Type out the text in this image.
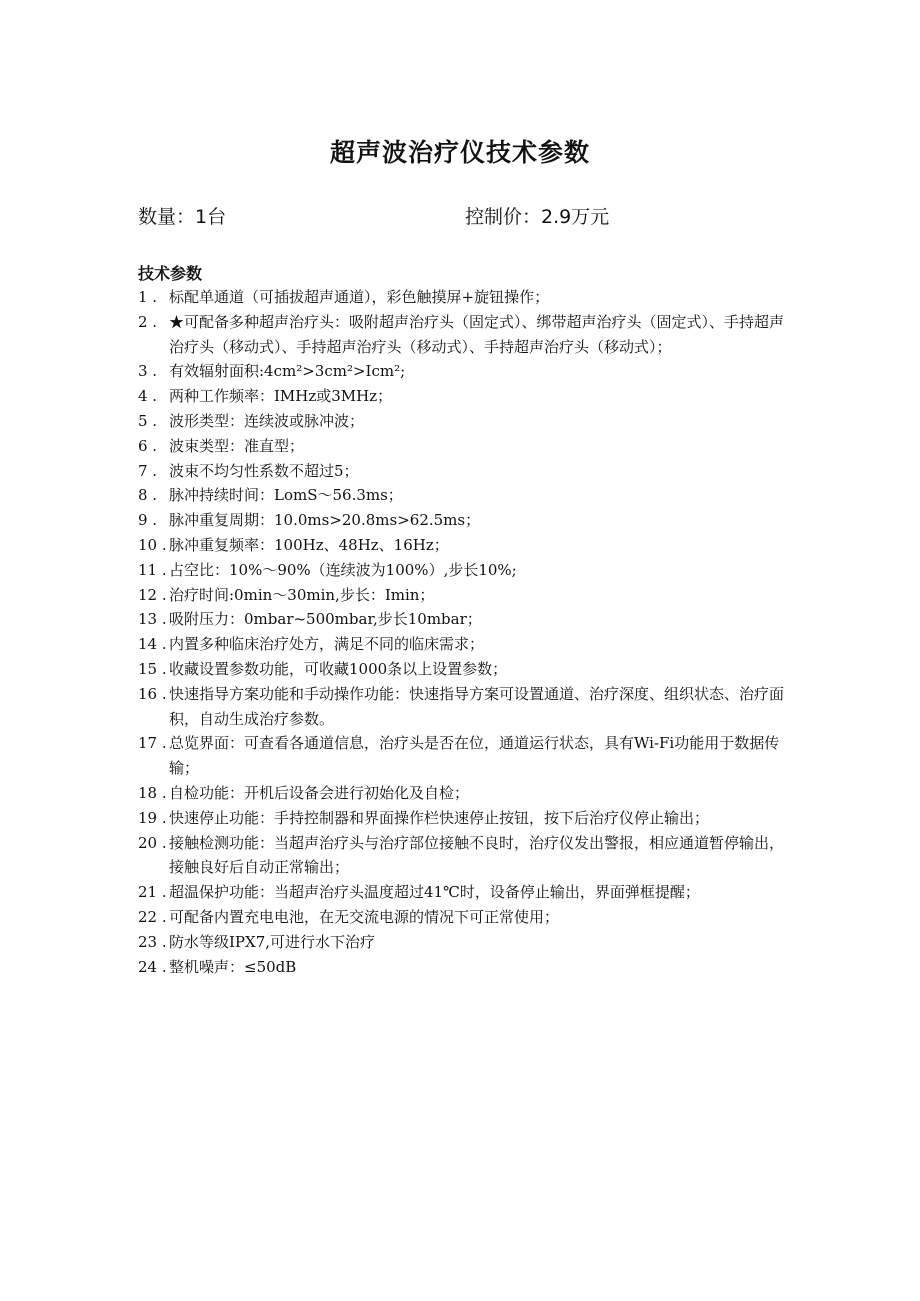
超声波治疗仪技术参数
数量：1台	控制价：2.9万元
技术参数
1 . 标配单通道（可插拔超声通道），彩色触摸屏+旋钮操作；
2 . ★可配备多种超声治疗头：吸附超声治疗头（固定式）、绑带超声治疗头（固定式）、手持超声治疗头（移动式）、手持超声治疗头（移动式）、手持超声治疗头（移动式）；
3 . 有效辐射面积:4cm²>3cm²>Icm²;
4 . 两种工作频率：IMHz或3MHz；
5 . 波形类型：连续波或脉冲波；
6 . 波束类型：准直型；
7 . 波束不均匀性系数不超过5；
8 . 脉冲持续时间：LomS～56.3ms；
9 . 脉冲重复周期：10.0ms>20.8ms>62.5ms；
10 . 脉冲重复频率：100Hz、48Hz、16Hz；
11 . 占空比：10%～90%（连续波为100%）,步长10%;
12 . 治疗时间:0min～30min,步长：Imin；
13 . 吸附压力：0mbar~500mbar,步长10mbar；
14 . 内置多种临床治疗处方，满足不同的临床需求；
15 . 收藏设置参数功能，可收藏1000条以上设置参数；
16 . 快速指导方案功能和手动操作功能：快速指导方案可设置通道、治疗深度、组织状态、治疗面积，自动生成治疗参数。
17 . 总览界面：可查看各通道信息，治疗头是否在位，通道运行状态，具有Wi-Fi功能用于数据传输；
18 . 自检功能：开机后设备会进行初始化及自检；
19 . 快速停止功能：手持控制器和界面操作栏快速停止按钮，按下后治疗仪停止输出；
20 . 接触检测功能：当超声治疗头与治疗部位接触不良时，治疗仪发出警报，相应通道暂停输出，接触良好后自动正常输出；
21 . 超温保护功能：当超声治疗头温度超过41℃时，设备停止输出，界面弹框提醒；
22 . 可配备内置充电电池，在无交流电源的情况下可正常使用；
23 . 防水等级IPX7,可进行水下治疗
24 . 整机噪声：≤50dB
